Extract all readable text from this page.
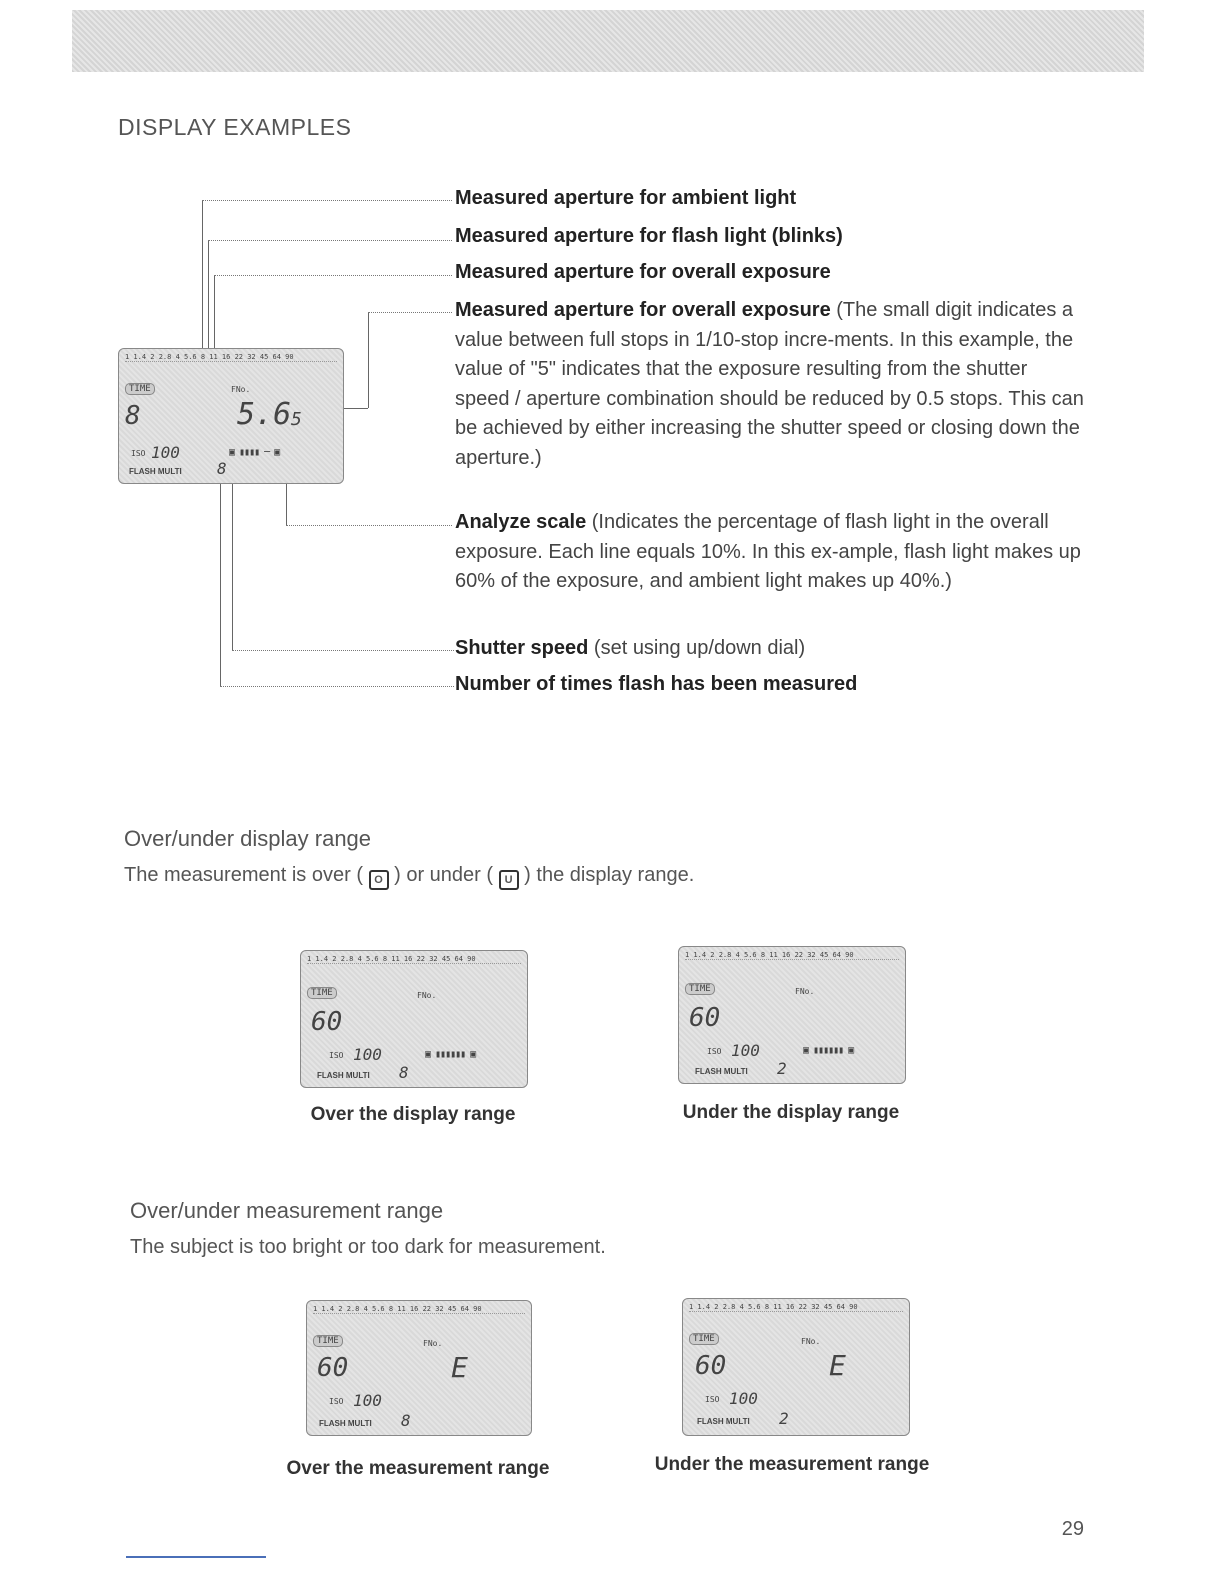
DISPLAY EXAMPLES
1 1.4 2 2.8 4 5.6 8 11 16 22 32 45 64 90
TIME	FNo.
8	5.6 5
ISO 100	▣ ▮▮▮▮ ─ ▣
FLASH MULTI 8
Measured aperture for ambient light
Measured aperture for flash light (blinks)
Measured aperture for overall exposure
Measured aperture for overall exposure (The small digit indicates a value between full stops in 1/10-stop incre-ments. In this example, the value of "5" indicates that the exposure resulting from the shutter speed / aperture combination should be reduced by 0.5 stops. This can be achieved by either increasing the shutter speed or closing down the aperture.)
Analyze scale (Indicates the percentage of flash light in the overall exposure. Each line equals 10%. In this ex-ample, flash light makes up 60% of the exposure, and ambient light makes up 40%.)
Shutter speed (set using up/down dial)
Number of times flash has been measured
Over/under display range
The measurement is over ( O ) or under ( U ) the display range.
1 1.4 2 2.8 4 5.6 8 11 16 22 32 45 64 90
TIME	FNo.
60
ISO 100	▣ ▮▮▮▮▮▮ ▣
FLASH MULTI 8
Over the display range
1 1.4 2 2.8 4 5.6 8 11 16 22 32 45 64 90
TIME	FNo.
60
ISO 100	▣ ▮▮▮▮▮▮ ▣
FLASH MULTI 2
Under the display range
Over/under measurement range
The subject is too bright or too dark for measurement.
1 1.4 2 2.8 4 5.6 8 11 16 22 32 45 64 90
TIME	FNo.
60	E
ISO 100
FLASH MULTI 8
Over the measurement range
1 1.4 2 2.8 4 5.6 8 11 16 22 32 45 64 90
TIME	FNo.
60	E
ISO 100
FLASH MULTI 2
Under the measurement range
29
